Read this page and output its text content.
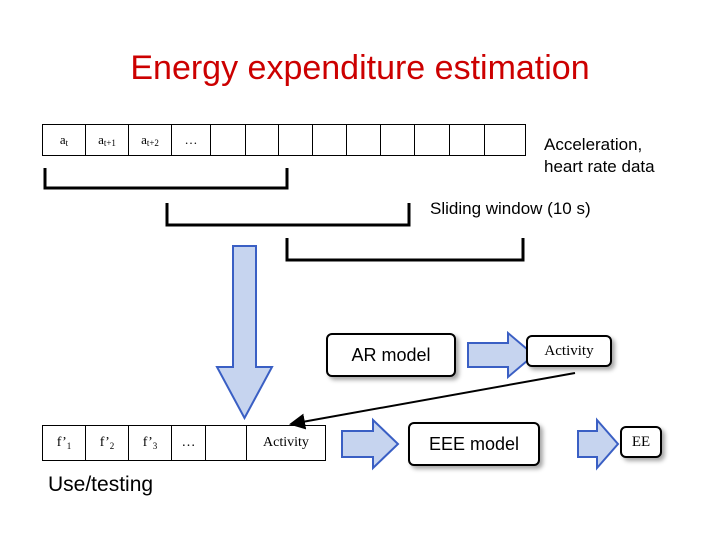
Energy expenditure estimation
a t a t+1 a t+2 …	Acceleration,
heart rate data
Sliding window (10 s)
AR model	Activity
f’ 1 f’ 2 f’ 3 …	Activity	EEE model	EE
Use/testing
